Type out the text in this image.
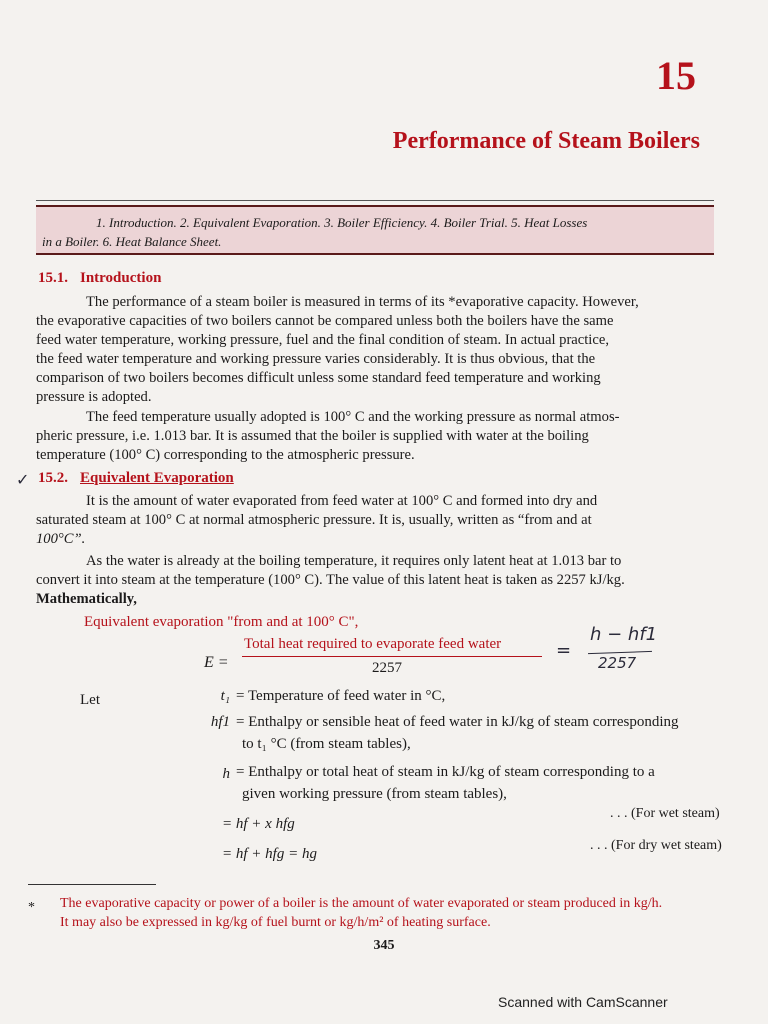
15
Performance of Steam Boilers
1. Introduction. 2. Equivalent Evaporation. 3. Boiler Efficiency. 4. Boiler Trial. 5. Heat Losses
in a Boiler. 6. Heat Balance Sheet.
15.1. Introduction
The performance of a steam boiler is measured in terms of its *evaporative capacity. However,
the evaporative capacities of two boilers cannot be compared unless both the boilers have the same
feed water temperature, working pressure, fuel and the final condition of steam. In actual practice,
the feed water temperature and working pressure varies considerably. It is thus obvious, that the
comparison of two boilers becomes difficult unless some standard feed temperature and working
pressure is adopted.
The feed temperature usually adopted is 100° C and the working pressure as normal atmos-
pheric pressure, i.e. 1.013 bar. It is assumed that the boiler is supplied with water at the boiling
temperature (100° C) corresponding to the atmospheric pressure.
✓ 15.2. Equivalent Evaporation
It is the amount of water evaporated from feed water at 100° C and formed into dry and
saturated steam at 100° C at normal atmospheric pressure. It is, usually, written as “from and at
100°C”.
As the water is already at the boiling temperature, it requires only latent heat at 1.013 bar to
convert it into steam at the temperature (100° C). The value of this latent heat is taken as 2257 kJ/kg.
Mathematically,
Equivalent evaporation "from and at 100° C",
E =
Total heat required to evaporate feed water
2257
=
h − hf1
2257
Let	t₁ = Temperature of feed water in °C,
hf1 = Enthalpy or sensible heat of feed water in kJ/kg of steam corresponding
to t₁ °C (from steam tables),
h = Enthalpy or total heat of steam in kJ/kg of steam corresponding to a
given working pressure (from steam tables),
= hf + x hfg
. . . (For wet steam)
= hf + hfg = hg
. . . (For dry wet steam)
* The evaporative capacity or power of a boiler is the amount of water evaporated or steam produced in kg/h.
It may also be expressed in kg/kg of fuel burnt or kg/h/m² of heating surface.
345
Scanned with CamScanner
